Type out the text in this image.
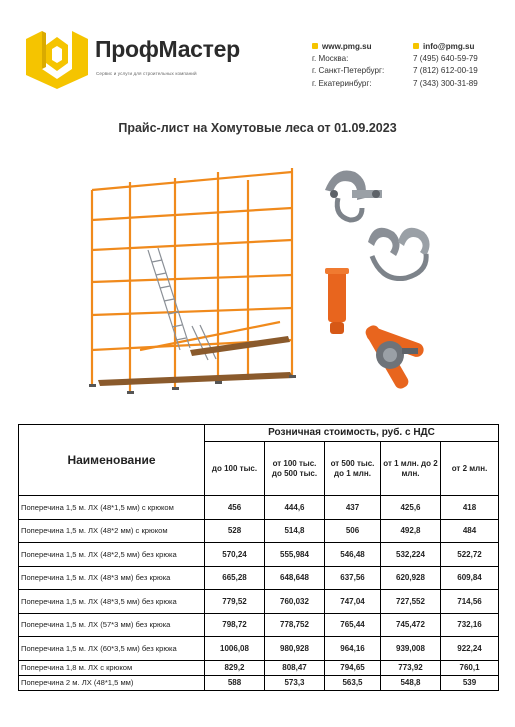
ПрофМастер
Сервис и услуги для строительных компаний
www.pmg.su
г. Москва:
г. Санкт-Петербург:
г. Екатеринбург:
info@pmg.su
7 (495) 640-59-79
7 (812) 612-00-19
7 (343) 300-31-89
Прайс-лист на Хомутовые леса от 01.09.2023
Наименование	Розничная стоимость, руб. с НДС				
	до 100 тыс.	от 100 тыс. до 500 тыс.	от 500 тыс. до 1 млн.	от 1 млн. до 2 млн.	от 2 млн.
Поперечина 1,5 м. ЛХ (48*1,5 мм) с крюком	456	444,6	437	425,6	418
Поперечина 1,5 м. ЛХ (48*2 мм) с крюком	528	514,8	506	492,8	484
Поперечина 1,5 м. ЛХ (48*2,5 мм) без крюка	570,24	555,984	546,48	532,224	522,72
Поперечина 1,5 м. ЛХ (48*3 мм) без крюка	665,28	648,648	637,56	620,928	609,84
Поперечина 1,5 м. ЛХ (48*3,5 мм) без крюка	779,52	760,032	747,04	727,552	714,56
Поперечина 1,5 м. ЛХ (57*3 мм) без крюка	798,72	778,752	765,44	745,472	732,16
Поперечина 1,5 м. ЛХ (60*3,5 мм) без крюка	1006,08	980,928	964,16	939,008	922,24
Поперечина 1,8 м. ЛХ с крюком	829,2	808,47	794,65	773,92	760,1
Поперечина 2 м. ЛХ (48*1,5 мм)	588	573,3	563,5	548,8	539
